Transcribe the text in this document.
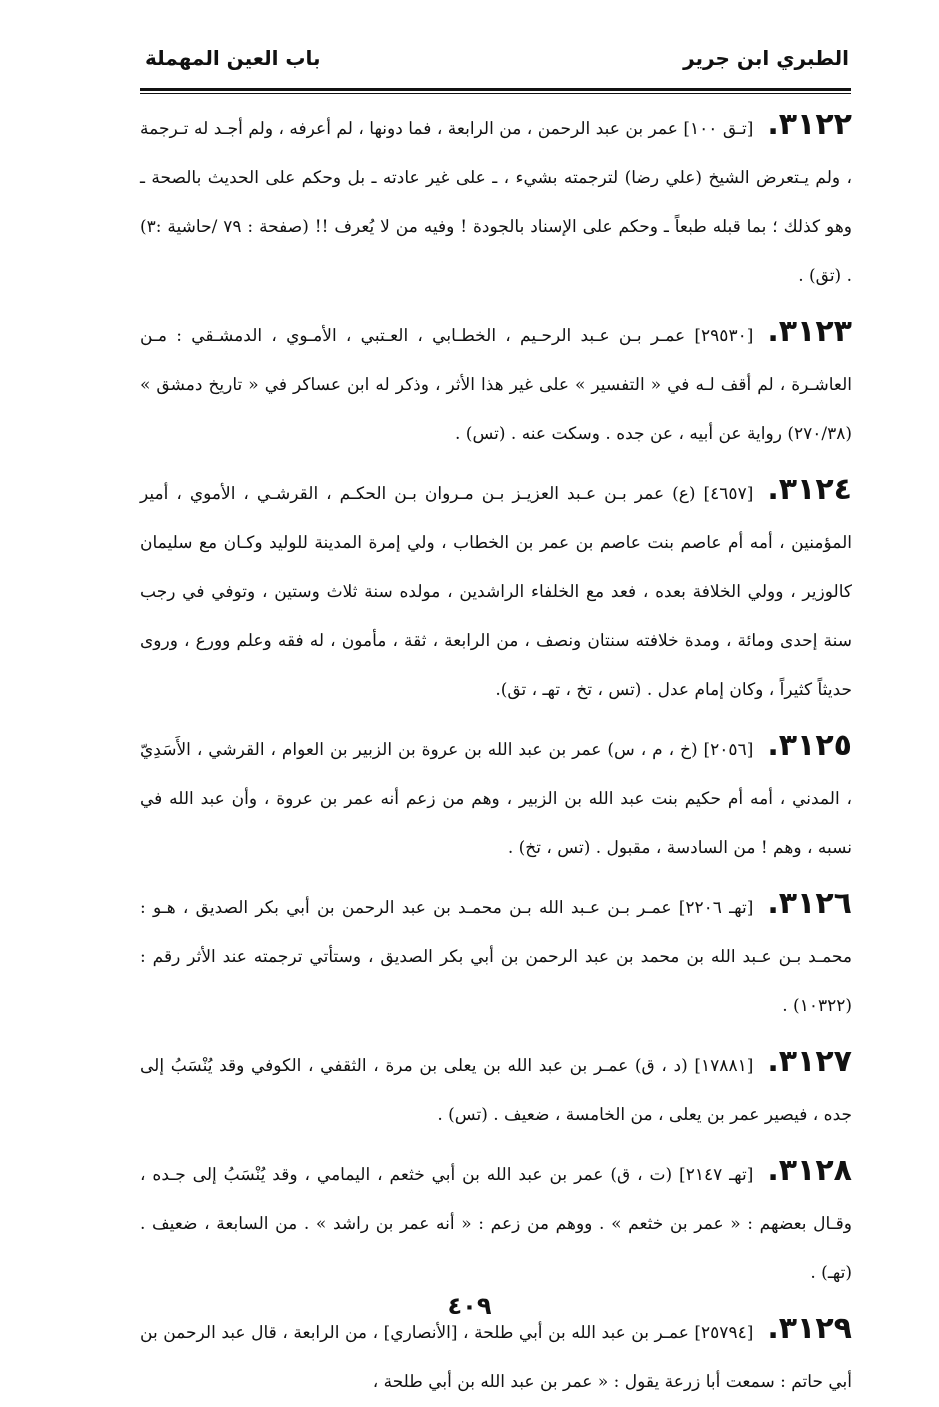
الطبري ابن جرير
باب العين المهملة

٣١٢٢.[تـق ١٠٠] عمر بن عبد الرحمن ، من الرابعة ، فما دونها ، لم أعرفه ، ولم أجـد له تـرجمة ، ولم يـتعرض الشيخ (علي رضا) لترجمته بشيء ، ـ على غير عادته ـ بل وحكم على الحديث بالصحة ـ وهو كذلك ؛ بما قبله طبعاً ـ وحكم على الإسناد بالجودة ! وفيه من لا يُعرف !! (صفحة : ٧٩ /حاشية :٣) . (تق) .

٣١٢٣.[٢٩٥٣٠] عمـر بـن عـبد الرحـيم ، الخطـابي ، العـتبي ، الأمـوي ، الدمشـقي : مـن العاشـرة ، لم أقف لـه في « التفسير » على غير هذا الأثر ، وذكر له ابن عساكر في « تاريخ دمشق » (٢٧٠/٣٨) رواية عن أبيه ، عن جده . وسكت عنه . (تس) .

٣١٢٤.[٤٦٥٧] (ع) عمر بـن عـبد العزيـز بـن مـروان بـن الحكـم ، القرشـي ، الأموي ، أمير المؤمنين ، أمه أم عاصم بنت عاصم بن عمر بن الخطاب ، ولي إمرة المدينة للوليد وكـان مع سليمان كالوزير ، وولي الخلافة بعده ، فعد مع الخلفاء الراشدين ، مولده سنة ثلاث وستين ، وتوفي في رجب سنة إحدى ومائة ، ومدة خلافته سنتان ونصف ، من الرابعة ، ثقة ، مأمون ، له فقه وعلم وورع ، وروى حديثاً كثيراً ، وكان إمام عدل . (تس ، تخ ، تهـ ، تق).

٣١٢٥.[٢٠٥٦] (خ ، م ، س) عمر بن عبد الله بن عروة بن الزبير بن العوام ، القرشي ، الأَسَدِيّ ، المدني ، أمه أم حكيم بنت عبد الله بن الزبير ، وهم من زعم أنه عمر بن عروة ، وأن عبد الله في نسبه ، وهم ! من السادسة ، مقبول . (تس ، تخ) .

٣١٢٦.[تهـ ٢٢٠٦] عمـر بـن عـبد الله بـن محمـد بن عبد الرحمن بن أبي بكر الصديق ، هـو : محمـد بـن عـبد الله بن محمد بن عبد الرحمن بن أبي بكر الصديق ، وستأتي ترجمته عند الأثر رقم : (١٠٣٢٢) .

٣١٢٧.[١٧٨٨١] (د ، ق) عمـر بن عبد الله بن يعلى بن مرة ، الثقفي ، الكوفي وقد يُنْسَبُ إلى جده ، فيصير عمر بن يعلى ، من الخامسة ، ضعيف . (تس) .

٣١٢٨.[تهـ ٢١٤٧] (ت ، ق) عمر بن عبد الله بن أبي خثعم ، اليمامي ، وقد يُنْسَبُ إلى جـده ، وقـال بعضهم : « عمر بن خثعم » . ووهم من زعم : « أنه عمر بن راشد » . من السابعة ، ضعيف . (تهـ) .

٣١٢٩.[٢٥٧٩٤] عمـر بن عبد الله بن أبي طلحة ، [الأنصاري] ، من الرابعة ، قال عبد الرحمن بن أبي حاتم : سمعت أبا زرعة يقول : « عمر بن عبد الله بن أبي طلحة ،

٤٠٩
